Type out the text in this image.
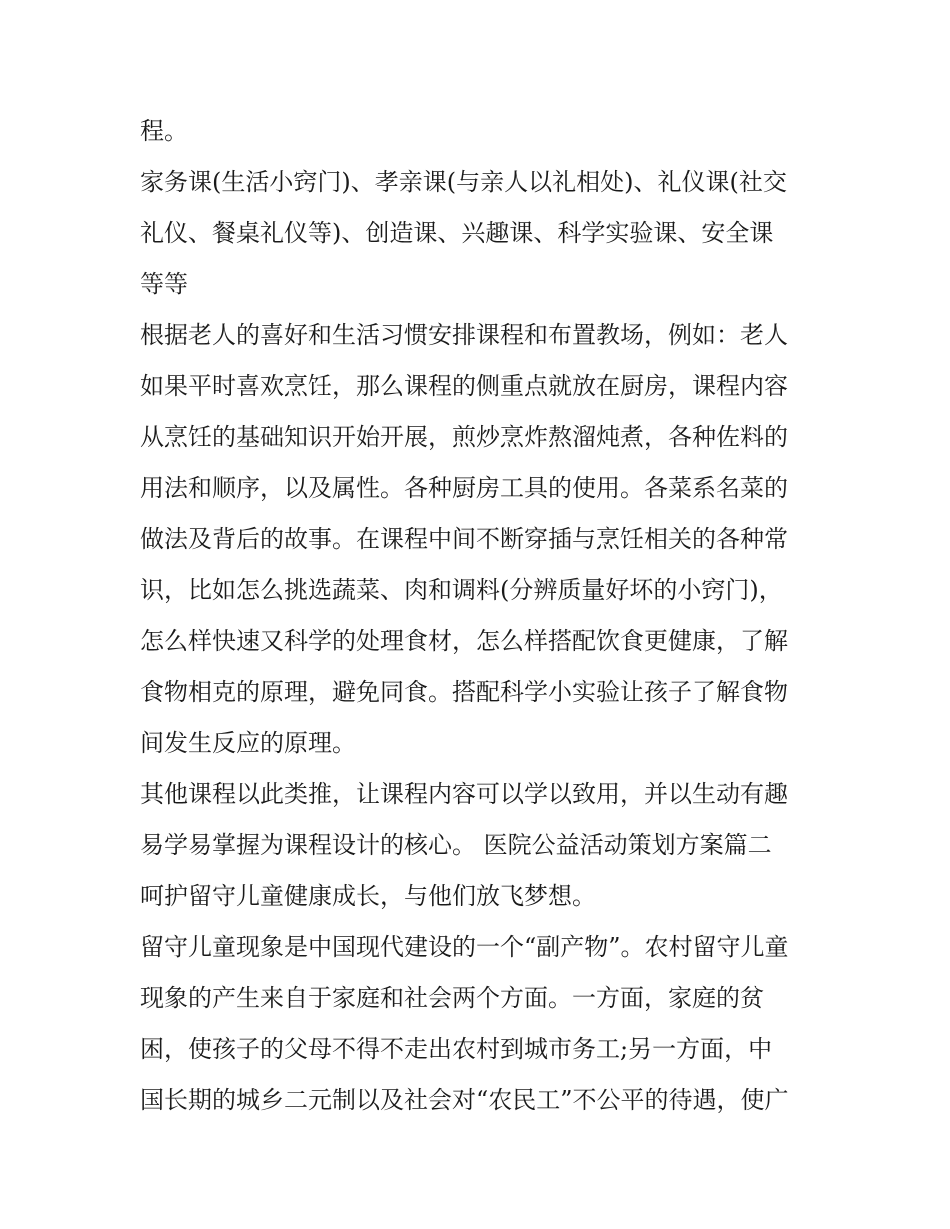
程。
家务课(生活小窍门)、孝亲课(与亲人以礼相处)、礼仪课(社交
礼仪、餐桌礼仪等)、创造课、兴趣课、科学实验课、安全课
等等
根据老人的喜好和生活习惯安排课程和布置教场，例如：老人
如果平时喜欢烹饪，那么课程的侧重点就放在厨房，课程内容
从烹饪的基础知识开始开展，煎炒烹炸熬溜炖煮，各种佐料的
用法和顺序，以及属性。各种厨房工具的使用。各菜系名菜的
做法及背后的故事。在课程中间不断穿插与烹饪相关的各种常
识，比如怎么挑选蔬菜、肉和调料(分辨质量好坏的小窍门)，
怎么样快速又科学的处理食材，怎么样搭配饮食更健康，了解
食物相克的原理，避免同食。搭配科学小实验让孩子了解食物
间发生反应的原理。
其他课程以此类推，让课程内容可以学以致用，并以生动有趣
易学易掌握为课程设计的核心。 医院公益活动策划方案篇二
呵护留守儿童健康成长，与他们放飞梦想。
留守儿童现象是中国现代建设的一个“副产物”。农村留守儿童
现象的产生来自于家庭和社会两个方面。一方面，家庭的贫
困，使孩子的父母不得不走出农村到城市务工;另一方面，中
国长期的城乡二元制以及社会对“农民工”不公平的待遇，使广
